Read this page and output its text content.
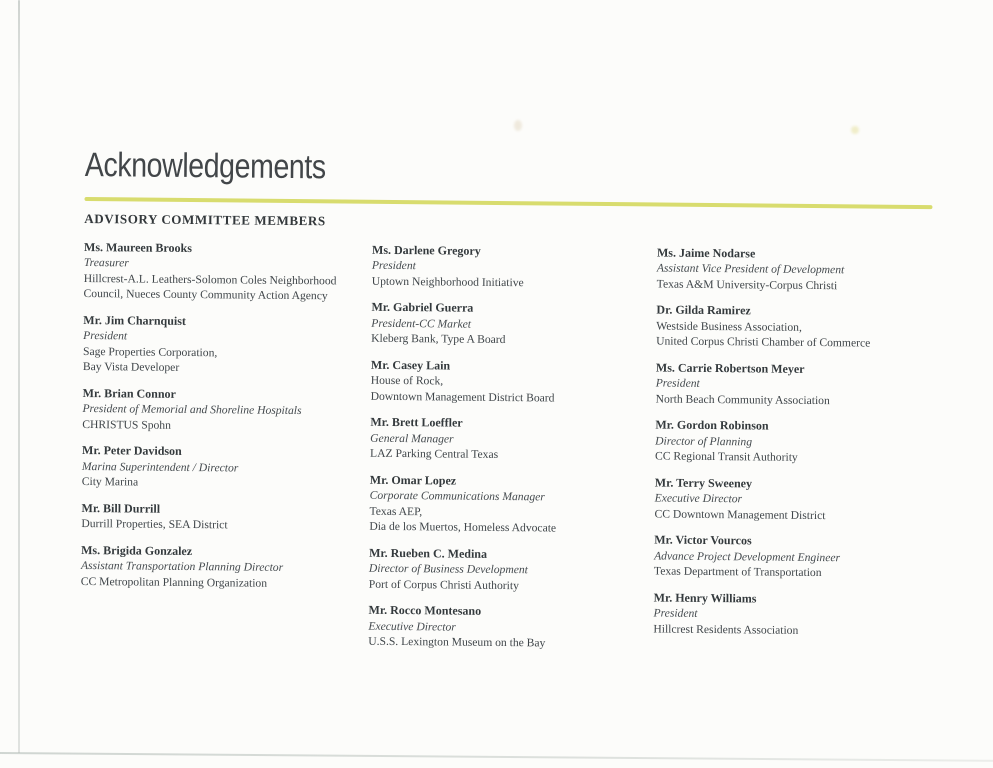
Acknowledgements
ADVISORY COMMITTEE MEMBERS
Ms. Maureen Brooks
Treasurer
Hillcrest-A.L. Leathers-Solomon Coles Neighborhood
Council, Nueces County Community Action Agency
Mr. Jim Charnquist
President
Sage Properties Corporation,
Bay Vista Developer
Mr. Brian Connor
President of Memorial and Shoreline Hospitals
CHRISTUS Spohn
Mr. Peter Davidson
Marina Superintendent / Director
City Marina
Mr. Bill Durrill
Durrill Properties, SEA District
Ms. Brigida Gonzalez
Assistant Transportation Planning Director
CC Metropolitan Planning Organization
Ms. Darlene Gregory
President
Uptown Neighborhood Initiative
Mr. Gabriel Guerra
President-CC Market
Kleberg Bank, Type A Board
Mr. Casey Lain
House of Rock,
Downtown Management District Board
Mr. Brett Loeffler
General Manager
LAZ Parking Central Texas
Mr. Omar Lopez
Corporate Communications Manager
Texas AEP,
Dia de los Muertos, Homeless Advocate
Mr. Rueben C. Medina
Director of Business Development
Port of Corpus Christi Authority
Mr. Rocco Montesano
Executive Director
U.S.S. Lexington Museum on the Bay
Ms. Jaime Nodarse
Assistant Vice President of Development
Texas A&M University-Corpus Christi
Dr. Gilda Ramirez
Westside Business Association,
United Corpus Christi Chamber of Commerce
Ms. Carrie Robertson Meyer
President
North Beach Community Association
Mr. Gordon Robinson
Director of Planning
CC Regional Transit Authority
Mr. Terry Sweeney
Executive Director
CC Downtown Management District
Mr. Victor Vourcos
Advance Project Development Engineer
Texas Department of Transportation
Mr. Henry Williams
President
Hillcrest Residents Association
